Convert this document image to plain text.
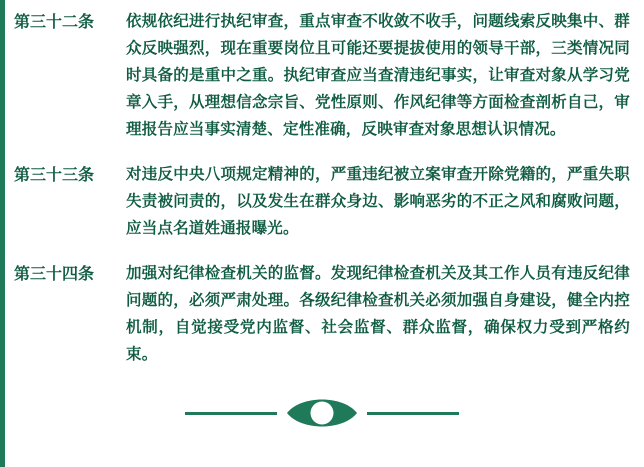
第三十二条	依规依纪进行执纪审查，重点审查不收敛不收手，问题线索反映集中、群众反映强烈，现在重要岗位且可能还要提拔使用的领导干部，三类情况同时具备的是重中之重。执纪审查应当查清违纪事实，让审查对象从学习党章入手，从理想信念宗旨、党性原则、作风纪律等方面检查剖析自己，审理报告应当事实清楚、定性准确，反映审查对象思想认识情况。
第三十三条	对违反中央八项规定精神的，严重违纪被立案审查开除党籍的，严重失职失责被问责的，以及发生在群众身边、影响恶劣的不正之风和腐败问题，应当点名道姓通报曝光。
第三十四条	加强对纪律检查机关的监督。发现纪律检查机关及其工作人员有违反纪律问题的，必须严肃处理。各级纪律检查机关必须加强自身建设，健全内控机制，自觉接受党内监督、社会监督、群众监督，确保权力受到严格约束。
